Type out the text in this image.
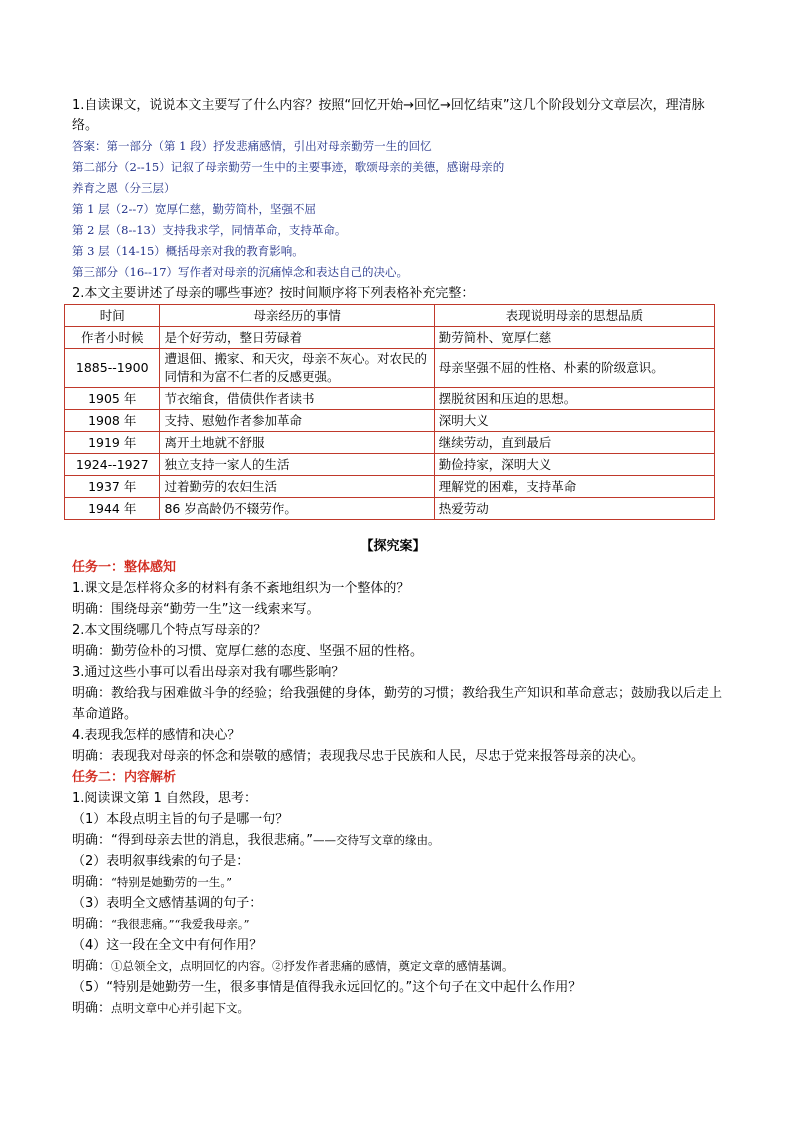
1.自读课文，说说本文主要写了什么内容？按照“回忆开始→回忆→回忆结束”这几个阶段划分文章层次，理清脉络。
答案：第一部分（第 1 段）抒发悲痛感情，引出对母亲勤劳一生的回忆
第二部分（2--15）记叙了母亲勤劳一生中的主要事迹，歌颂母亲的美德，感谢母亲的
养育之恩（分三层）
第 1 层（2--7）宽厚仁慈，勤劳简朴，坚强不屈
第 2 层（8--13）支持我求学，同情革命，支持革命。
第 3 层（14-15）概括母亲对我的教育影响。
第三部分（16--17）写作者对母亲的沉痛悼念和表达自己的决心。
2.本文主要讲述了母亲的哪些事迹？按时间顺序将下列表格补充完整：
时间	母亲经历的事情	表现说明母亲的思想品质
作者小时候	是个好劳动，整日劳碌着	勤劳简朴、宽厚仁慈
1885--1900	遭退佃、搬家、和天灾，母亲不灰心。对农民的同情和为富不仁者的反感更强。	母亲坚强不屈的性格、朴素的阶级意识。
1905 年	节衣缩食，借债供作者读书	摆脱贫困和压迫的思想。
1908 年	支持、慰勉作者参加革命	深明大义
1919 年	离开土地就不舒服	继续劳动，直到最后
1924--1927	独立支持一家人的生活	勤俭持家，深明大义
1937 年	过着勤劳的农妇生活	理解党的困难，支持革命
1944 年	86 岁高龄仍不辍劳作。	热爱劳动
【探究案】
任务一：整体感知
1.课文是怎样将众多的材料有条不紊地组织为一个整体的？
明确：围绕母亲“勤劳一生”这一线索来写。
2.本文围绕哪几个特点写母亲的？
明确：勤劳俭朴的习惯、宽厚仁慈的态度、坚强不屈的性格。
3.通过这些小事可以看出母亲对我有哪些影响？
明确：教给我与困难做斗争的经验；给我强健的身体，勤劳的习惯；教给我生产知识和革命意志；鼓励我以后走上革命道路。
4.表现我怎样的感情和决心？
明确：表现我对母亲的怀念和崇敬的感情；表现我尽忠于民族和人民，尽忠于党来报答母亲的决心。
任务二：内容解析
1.阅读课文第 1 自然段，思考：
（1）本段点明主旨的句子是哪一句？
明确：“得到母亲去世的消息，我很悲痛。”——交待写文章的缘由。
（2）表明叙事线索的句子是：
明确：“特别是她勤劳的一生。”
（3）表明全文感情基调的句子：
明确：“我很悲痛。”“我爱我母亲。”
（4）这一段在全文中有何作用？
明确：①总领全文，点明回忆的内容。②抒发作者悲痛的感情，奠定文章的感情基调。
（5）“特别是她勤劳一生，很多事情是值得我永远回忆的。”这个句子在文中起什么作用？
明确：点明文章中心并引起下文。
